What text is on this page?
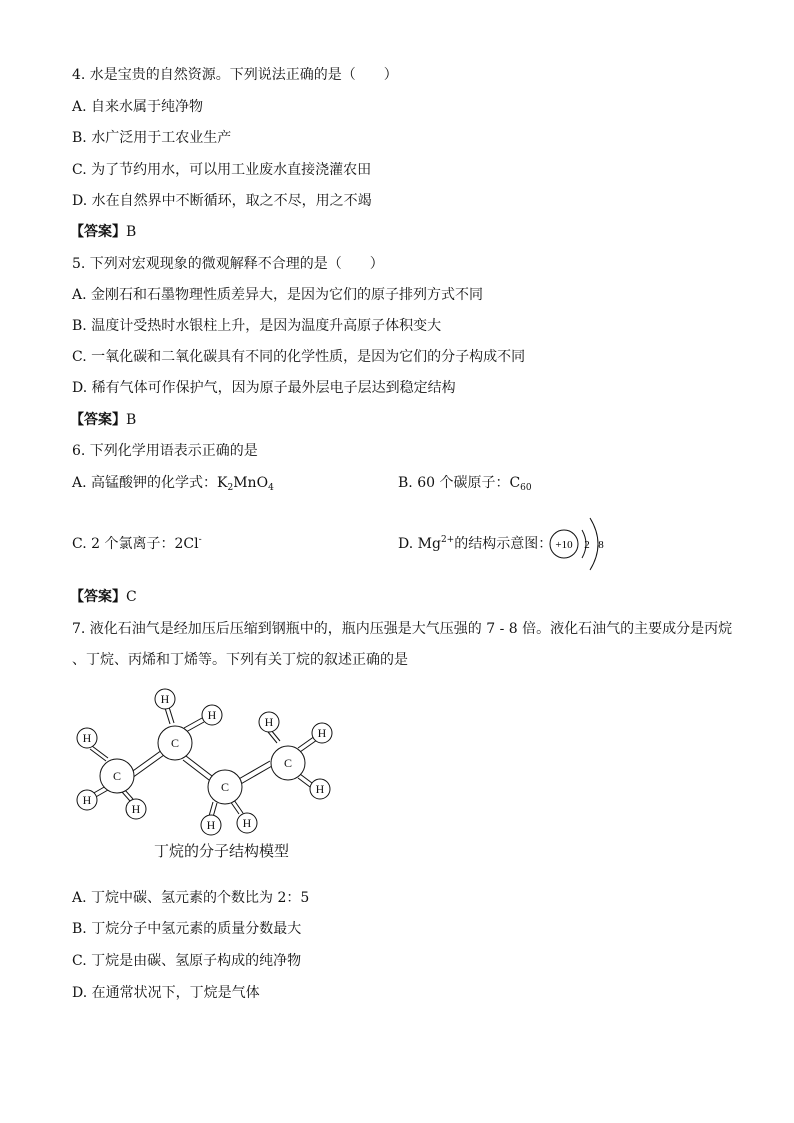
4. 水是宝贵的自然资源。下列说法正确的是（　　）
A. 自来水属于纯净物
B. 水广泛用于工农业生产
C. 为了节约用水，可以用工业废水直接浇灌农田
D. 水在自然界中不断循环，取之不尽，用之不竭
【答案】B
5. 下列对宏观现象的微观解释不合理的是（　　）
A. 金刚石和石墨物理性质差异大，是因为它们的原子排列方式不同
B. 温度计受热时水银柱上升，是因为温度升高原子体积变大
C. 一氧化碳和二氧化碳具有不同的化学性质，是因为它们的分子构成不同
D. 稀有气体可作保护气，因为原子最外层电子层达到稳定结构
【答案】B
6. 下列化学用语表示正确的是
A. 高锰酸钾的化学式：$K_2MnO_4$	B. 60 个碳原子：$C_{60}$
C. 2 个氯离子：2Cl-	D. $Mg^{2+}$的结构示意图： +10 2 8
【答案】C
7. 液化石油气是经加压后压缩到钢瓶中的，瓶内压强是大气压强的 7 - 8 倍。液化石油气的主要成分是丙烷
、丁烷、丙烯和丁烯等。下列有关丁烷的叙述正确的是
H
H
H
H
H	H
H
H
H H
C
C
C
C
丁烷的分子结构模型
A. 丁烷中碳、氢元素的个数比为 2：5
B. 丁烷分子中氢元素的质量分数最大
C. 丁烷是由碳、氢原子构成的纯净物
D. 在通常状况下，丁烷是气体
